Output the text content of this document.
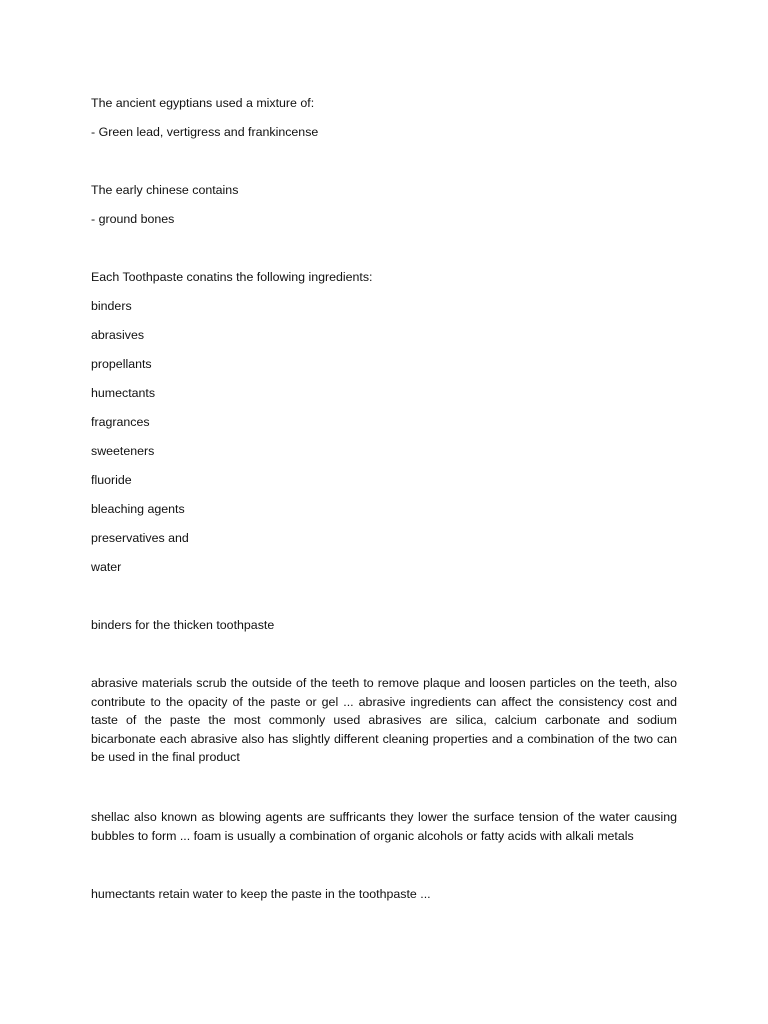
The ancient egyptians used a mixture of:
- Green lead, vertigress and frankincense
The early chinese contains
- ground bones
Each Toothpaste conatins the following ingredients:
binders
abrasives
propellants
humectants
fragrances
sweeteners
fluoride
bleaching agents
preservatives and
water
binders for the thicken toothpaste
abrasive materials scrub the outside of the teeth to remove plaque and loosen particles on the teeth, also contribute to the opacity of the paste or gel ... abrasive ingredients can affect the consistency cost and taste of the paste the most commonly used abrasives are silica, calcium carbonate and sodium bicarbonate each abrasive also has slightly different cleaning properties and a combination of the two can be used in the final product
shellac also known as blowing agents are suffricants they lower the surface tension of the water causing bubbles to form ... foam is usually a combination of organic alcohols or fatty acids with alkali metals
humectants retain water to keep the paste in the toothpaste ...
